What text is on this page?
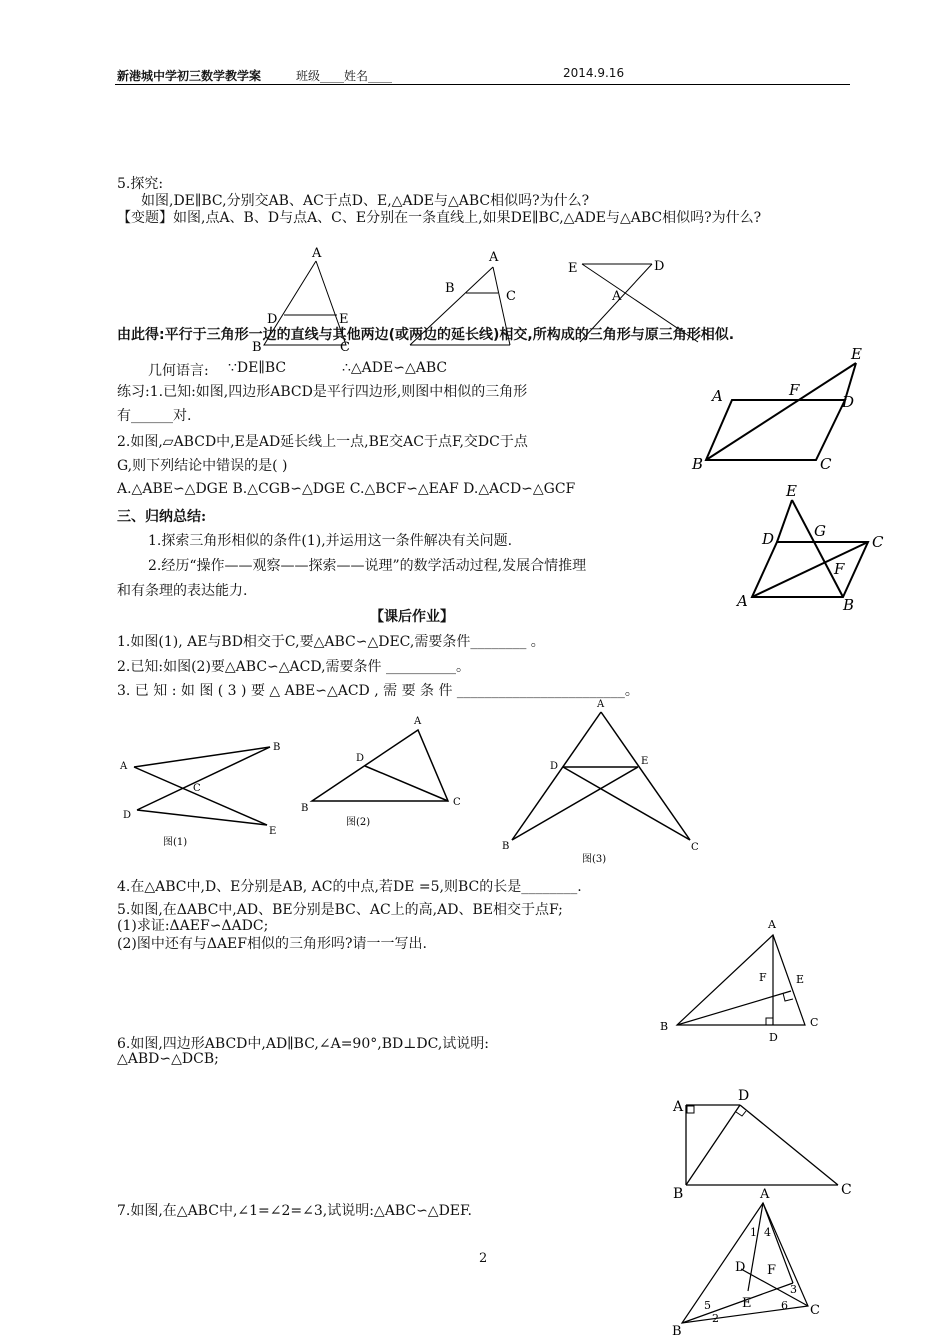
新港城中学初三数学教学案	班级____姓名____	2014.9.16
5.探究:
如图,DE∥BC,分别交AB、AC于点D、E,△ADE与△ABC相似吗?为什么?
【变题】如图,点A、B、D与点A、C、E分别在一条直线上,如果DE∥BC,△ADE与△ABC相似吗?为什么?
A
D	E
B	C
A
B
C
E	D
A
由此得:平行于三角形一边的直线与其他两边(或两边的延长线)相交,所构成的三角形与原三角形相似.
几何语言: ∵DE∥BC	∴△ADE∽△ABC
练习:1.已知:如图,四边形ABCD是平行四边形,则图中相似的三角形
有______对.
2.如图,▱ABCD中,E是AD延长线上一点,BE交AC于点F,交DC于点
G,则下列结论中错误的是( )
A.△ABE∽△DGE B.△CGB∽△DGE C.△BCF∽△EAF D.△ACD∽△GCF
A
B	C
D
E
F
E
D	G
C
F
A	B
三、归纳总结:
1.探索三角形相似的条件(1),并运用这一条件解决有关问题.
2.经历“操作——观察——探索——说理”的数学活动过程,发展合情推理
和有条理的表达能力.
【课后作业】
1.如图(1), AE与BD相交于C,要△ABC∽△DEC,需要条件________ 。
2.已知:如图(2)要△ABC∽△ACD,需要条件 __________。
3. 已 知 : 如 图 ( 3 ) 要 △ ABE∽△ACD , 需 要 条 件 ________________________。
A
B
C
D
E
图(1)
A
D
B
C
图(2)
A
D	E
B	C
图(3)
4.在△ABC中,D、E分别是AB, AC的中点,若DE =5,则BC的长是________.
5.如图,在ΔABC中,AD、BE分别是BC、AC上的高,AD、BE相交于点F;
(1)求证:ΔAEF∽ΔADC;
(2)图中还有与ΔAEF相似的三角形吗?请一一写出.
A
F	E
B	C
D
6.如图,四边形ABCD中,AD∥BC,∠A=90°,BD⊥DC,试说明:
△ABD∽△DCB;
A
D
B	C
7.如图,在△ABC中,∠1=∠2=∠3,试说明:△ABC∽△DEF.
A
1 4
D F
3
E
5	6
2
C
B
2
